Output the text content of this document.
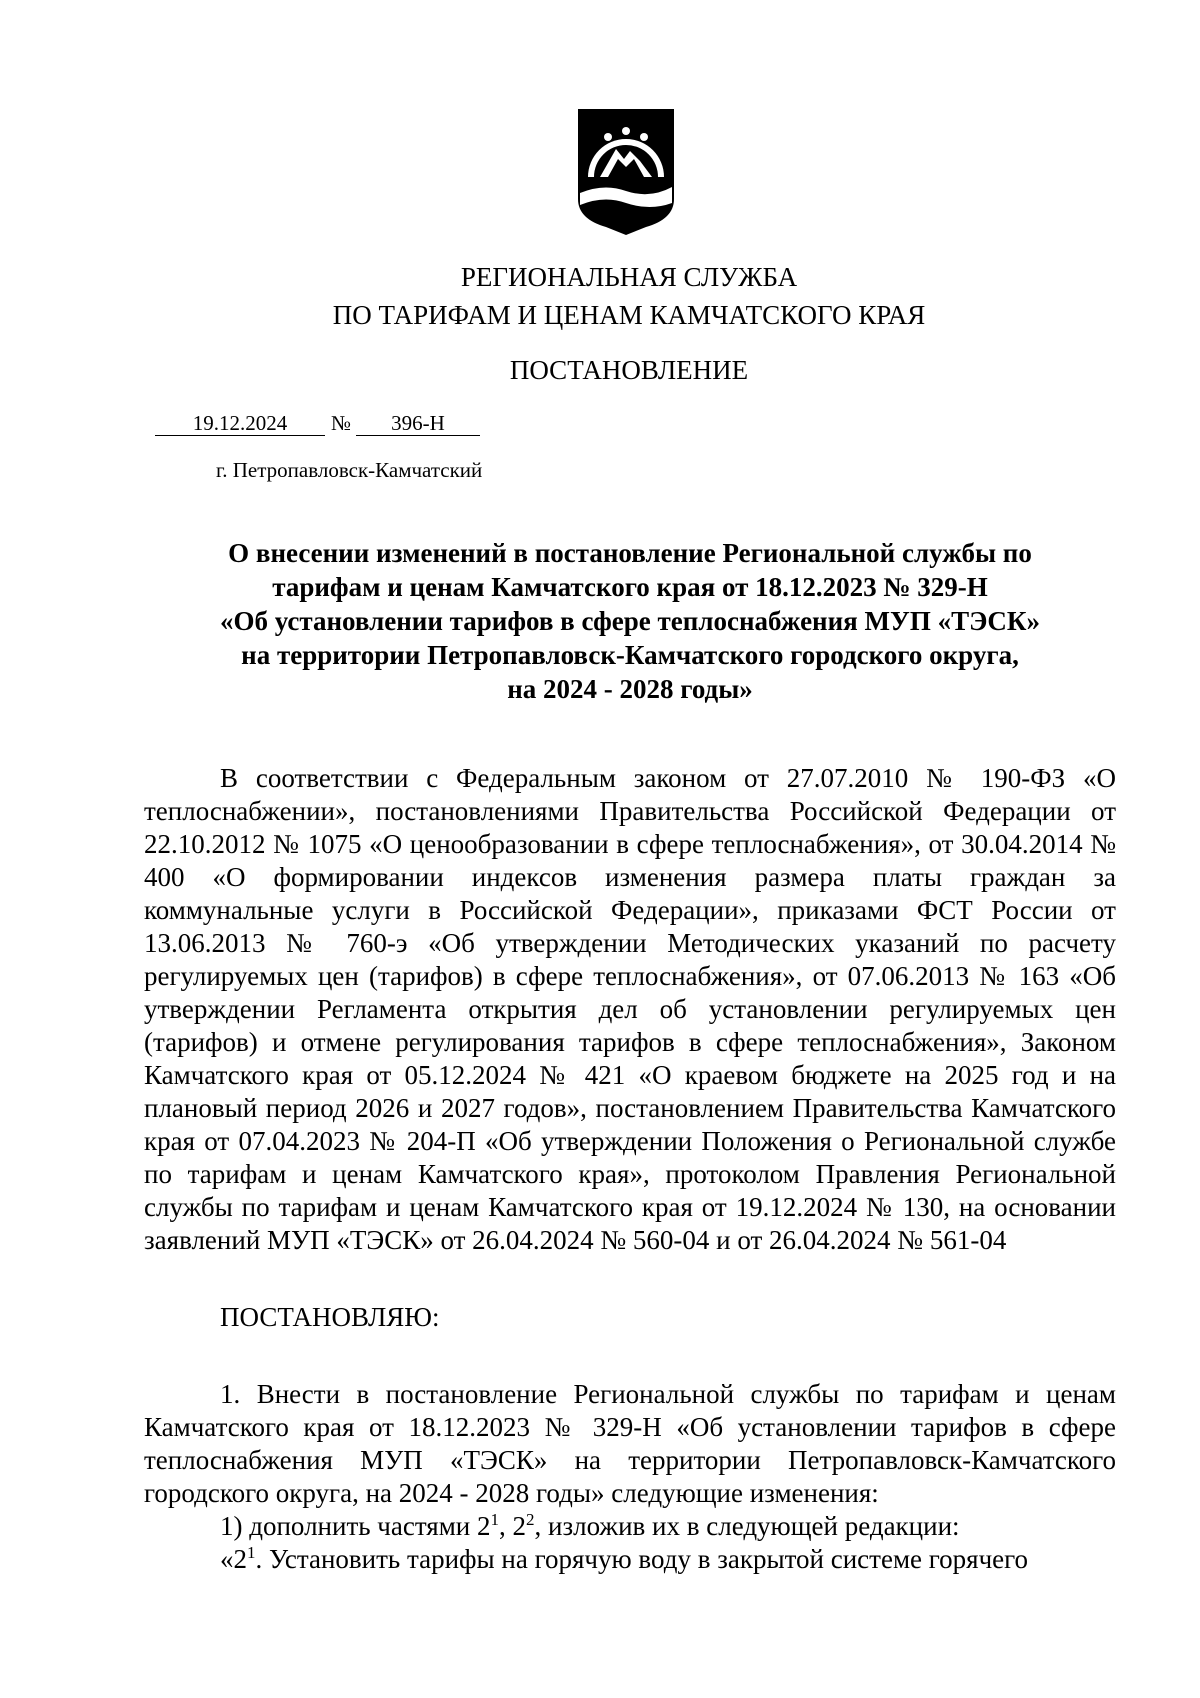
РЕГИОНАЛЬНАЯ СЛУЖБА
ПО ТАРИФАМ И ЦЕНАМ КАМЧАТСКОГО КРАЯ
ПОСТАНОВЛЕНИЕ
19.12.2024	№	396-Н
г. Петропавловск-Камчатский
О внесении изменений в постановление Региональной службы по
тарифам и ценам Камчатского края от 18.12.2023 № 329-Н
«Об установлении тарифов в сфере теплоснабжения МУП «ТЭСК»
на территории Петропавловск-Камчатского городского округа,
на 2024 - 2028 годы»

В соответствии с Федеральным законом от 27.07.2010 № 190-ФЗ «О теплоснабжении», постановлениями Правительства Российской Федерации от 22.10.2012 № 1075 «О ценообразовании в сфере теплоснабжения», от 30.04.2014 № 400 «О формировании индексов изменения размера платы граждан за коммунальные услуги в Российской Федерации», приказами ФСТ России от 13.06.2013 № 760-э «Об утверждении Методических указаний по расчету регулируемых цен (тарифов) в сфере теплоснабжения», от 07.06.2013 № 163 «Об утверждении Регламента открытия дел об установлении регулируемых цен (тарифов) и отмене регулирования тарифов в сфере теплоснабжения», Законом Камчатского края от 05.12.2024 № 421 «О краевом бюджете на 2025 год и на плановый период 2026 и 2027 годов», постановлением Правительства Камчатского края от 07.04.2023 № 204-П «Об утверждении Положения о Региональной службе по тарифам и ценам Камчатского края», протоколом Правления Региональной службы по тарифам и ценам Камчатского края от 19.12.2024 № 130, на основании заявлений МУП «ТЭСК» от 26.04.2024 № 560-04 и от 26.04.2024 № 561-04

ПОСТАНОВЛЯЮ:

1. Внести в постановление Региональной службы по тарифам и ценам Камчатского края от 18.12.2023 № 329-Н «Об установлении тарифов в сфере теплоснабжения МУП «ТЭСК» на территории Петропавловск-Камчатского городского округа, на 2024 - 2028 годы» следующие изменения:

1) дополнить частями $2^1$, $2^2$, изложив их в следующей редакции:

«$2^1$. Установить тарифы на горячую воду в закрытой системе горячего
